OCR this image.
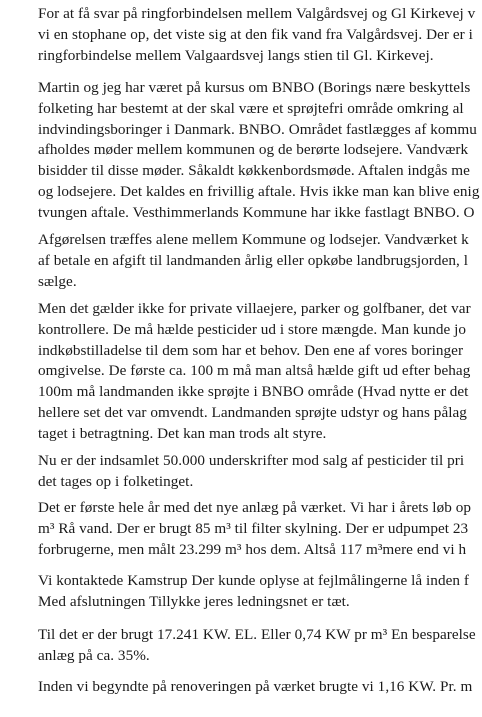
For at få svar på ringforbindelsen mellem Valgårdsvej og Gl Kirkevej v
vi en stophane op, det viste sig at den fik vand fra Valgårdsvej. Der er i
ringforbindelse mellem Valgaardsvej langs stien til Gl. Kirkevej.
Martin og jeg har været på kursus om BNBO (Borings nære beskyttels
folketing har bestemt at der skal være et sprøjtefri område omkring al
indvindingsboringer i Danmark. BNBO. Området fastlægges af kommu
afholdes møder mellem kommunen og de berørte lodsejere. Vandværk
bisidder til disse møder. Såkaldt køkkenbordsmøde. Aftalen indgås me
og lodsejere. Det kaldes en frivillig aftale. Hvis ikke man kan blive enig
tvungen aftale. Vesthimmerlands Kommune har ikke fastlagt BNBO. O
Afgørelsen træffes alene mellem Kommune og lodsejer. Vandværket k
af betale en afgift til landmanden årlig eller opkøbe landbrugsjorden, l
sælge.
Men det gælder ikke for private villaejere, parker og golfbaner, det var
kontrollere. De må hælde pesticider ud i store mængde. Man kunde jo
indkøbstilladelse til dem som har et behov. Den ene af vores boringer
omgivelse. De første ca. 100 m må man altså hælde gift ud efter behag
100m må landmanden ikke sprøjte i BNBO område (Hvad nytte er det
hellere set det var omvendt. Landmanden sprøjte udstyr og hans pålag
taget i betragtning. Det kan man trods alt styre.
Nu er der indsamlet 50.000 underskrifter mod salg af pesticider til pri
det tages op i folketinget.
Det er første hele år med det nye anlæg på værket. Vi har i årets løb op
m³ Rå vand. Der er brugt 85 m³ til filter skylning. Der er udpumpet 23
forbrugerne, men målt 23.299 m³ hos dem. Altså 117 m³mere end vi h
Vi kontaktede Kamstrup Der kunde oplyse at fejlmålingerne lå inden f
Med afslutningen Tillykke jeres ledningsnet er tæt.
Til det er der brugt 17.241 KW. EL. Eller 0,74 KW pr m³ En besparelse
anlæg på ca. 35%.
Inden vi begyndte på renoveringen på værket brugte vi 1,16 KW. Pr. m
